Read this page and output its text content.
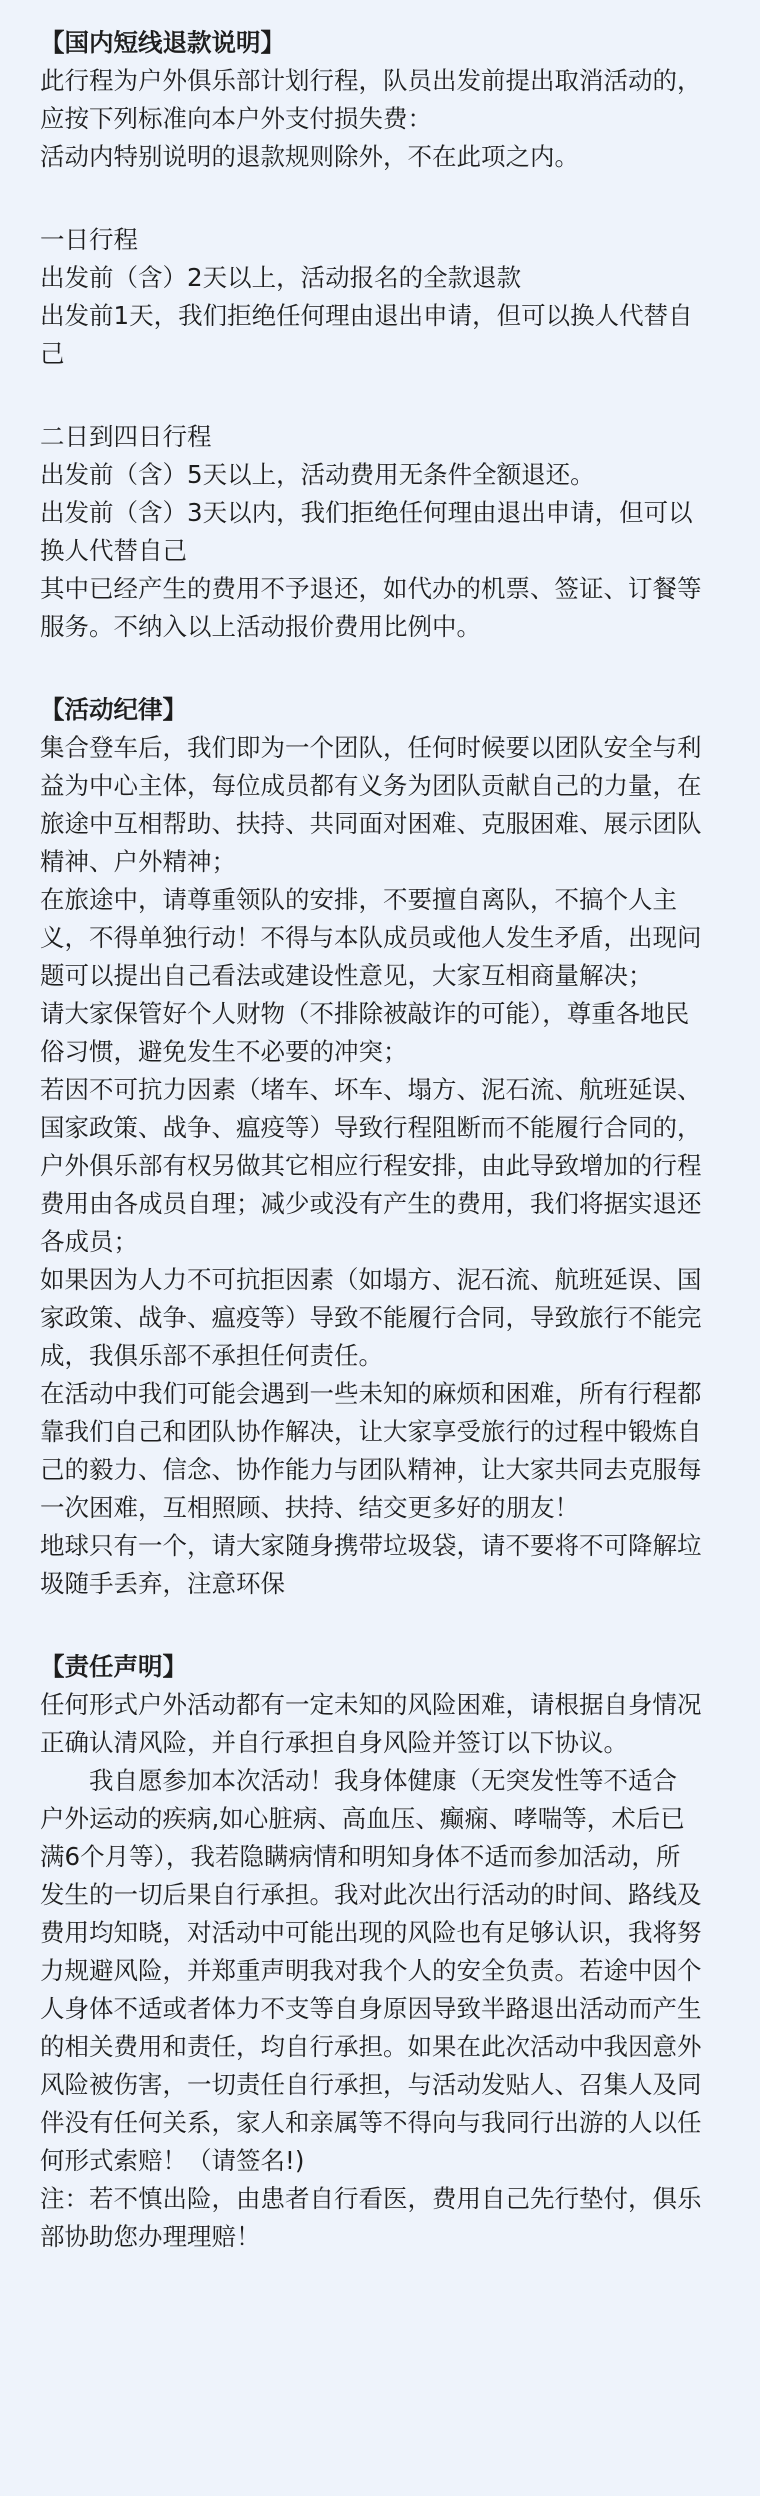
【国内短线退款说明】
此行程为户外俱乐部计划行程，队员出发前提出取消活动的，
应按下列标准向本户外支付损失费：
活动内特别说明的退款规则除外，不在此项之内。
一日行程
出发前（含）2天以上，活动报名的全款退款
出发前1天，我们拒绝任何理由退出申请，但可以换人代替自
己
二日到四日行程
出发前（含）5天以上，活动费用无条件全额退还。
出发前（含）3天以内，我们拒绝任何理由退出申请，但可以
换人代替自己
其中已经产生的费用不予退还，如代办的机票、签证、订餐等
服务。不纳入以上活动报价费用比例中。
【活动纪律】
集合登车后，我们即为一个团队，任何时候要以团队安全与利
益为中心主体，每位成员都有义务为团队贡献自己的力量，在
旅途中互相帮助、扶持、共同面对困难、克服困难、展示团队
精神、户外精神；
在旅途中，请尊重领队的安排，不要擅自离队，不搞个人主
义，不得单独行动！不得与本队成员或他人发生矛盾，出现问
题可以提出自己看法或建设性意见，大家互相商量解决；
请大家保管好个人财物（不排除被敲诈的可能），尊重各地民
俗习惯，避免发生不必要的冲突；
若因不可抗力因素（堵车、坏车、塌方、泥石流、航班延误、
国家政策、战争、瘟疫等）导致行程阻断而不能履行合同的，
户外俱乐部有权另做其它相应行程安排，由此导致增加的行程
费用由各成员自理；减少或没有产生的费用，我们将据实退还
各成员；
如果因为人力不可抗拒因素（如塌方、泥石流、航班延误、国
家政策、战争、瘟疫等）导致不能履行合同，导致旅行不能完
成，我俱乐部不承担任何责任。
在活动中我们可能会遇到一些未知的麻烦和困难，所有行程都
靠我们自己和团队协作解决，让大家享受旅行的过程中锻炼自
己的毅力、信念、协作能力与团队精神，让大家共同去克服每
一次困难，互相照顾、扶持、结交更多好的朋友！
地球只有一个，请大家随身携带垃圾袋，请不要将不可降解垃
圾随手丢弃，注意环保
【责任声明】
任何形式户外活动都有一定未知的风险困难，请根据自身情况
正确认清风险，并自行承担自身风险并签订以下协议。
　　我自愿参加本次活动！我身体健康（无突发性等不适合
户外运动的疾病,如心脏病、高血压、癫痫、哮喘等，术后已
满6个月等），我若隐瞒病情和明知身体不适而参加活动，所
发生的一切后果自行承担。我对此次出行活动的时间、路线及
费用均知晓，对活动中可能出现的风险也有足够认识，我将努
力规避风险，并郑重声明我对我个人的安全负责。若途中因个
人身体不适或者体力不支等自身原因导致半路退出活动而产生
的相关费用和责任，均自行承担。如果在此次活动中我因意外
风险被伤害，一切责任自行承担，与活动发贴人、召集人及同
伴没有任何关系，家人和亲属等不得向与我同行出游的人以任
何形式索赔！（请签名!)
注：若不慎出险，由患者自行看医，费用自己先行垫付，俱乐
部协助您办理理赔！
